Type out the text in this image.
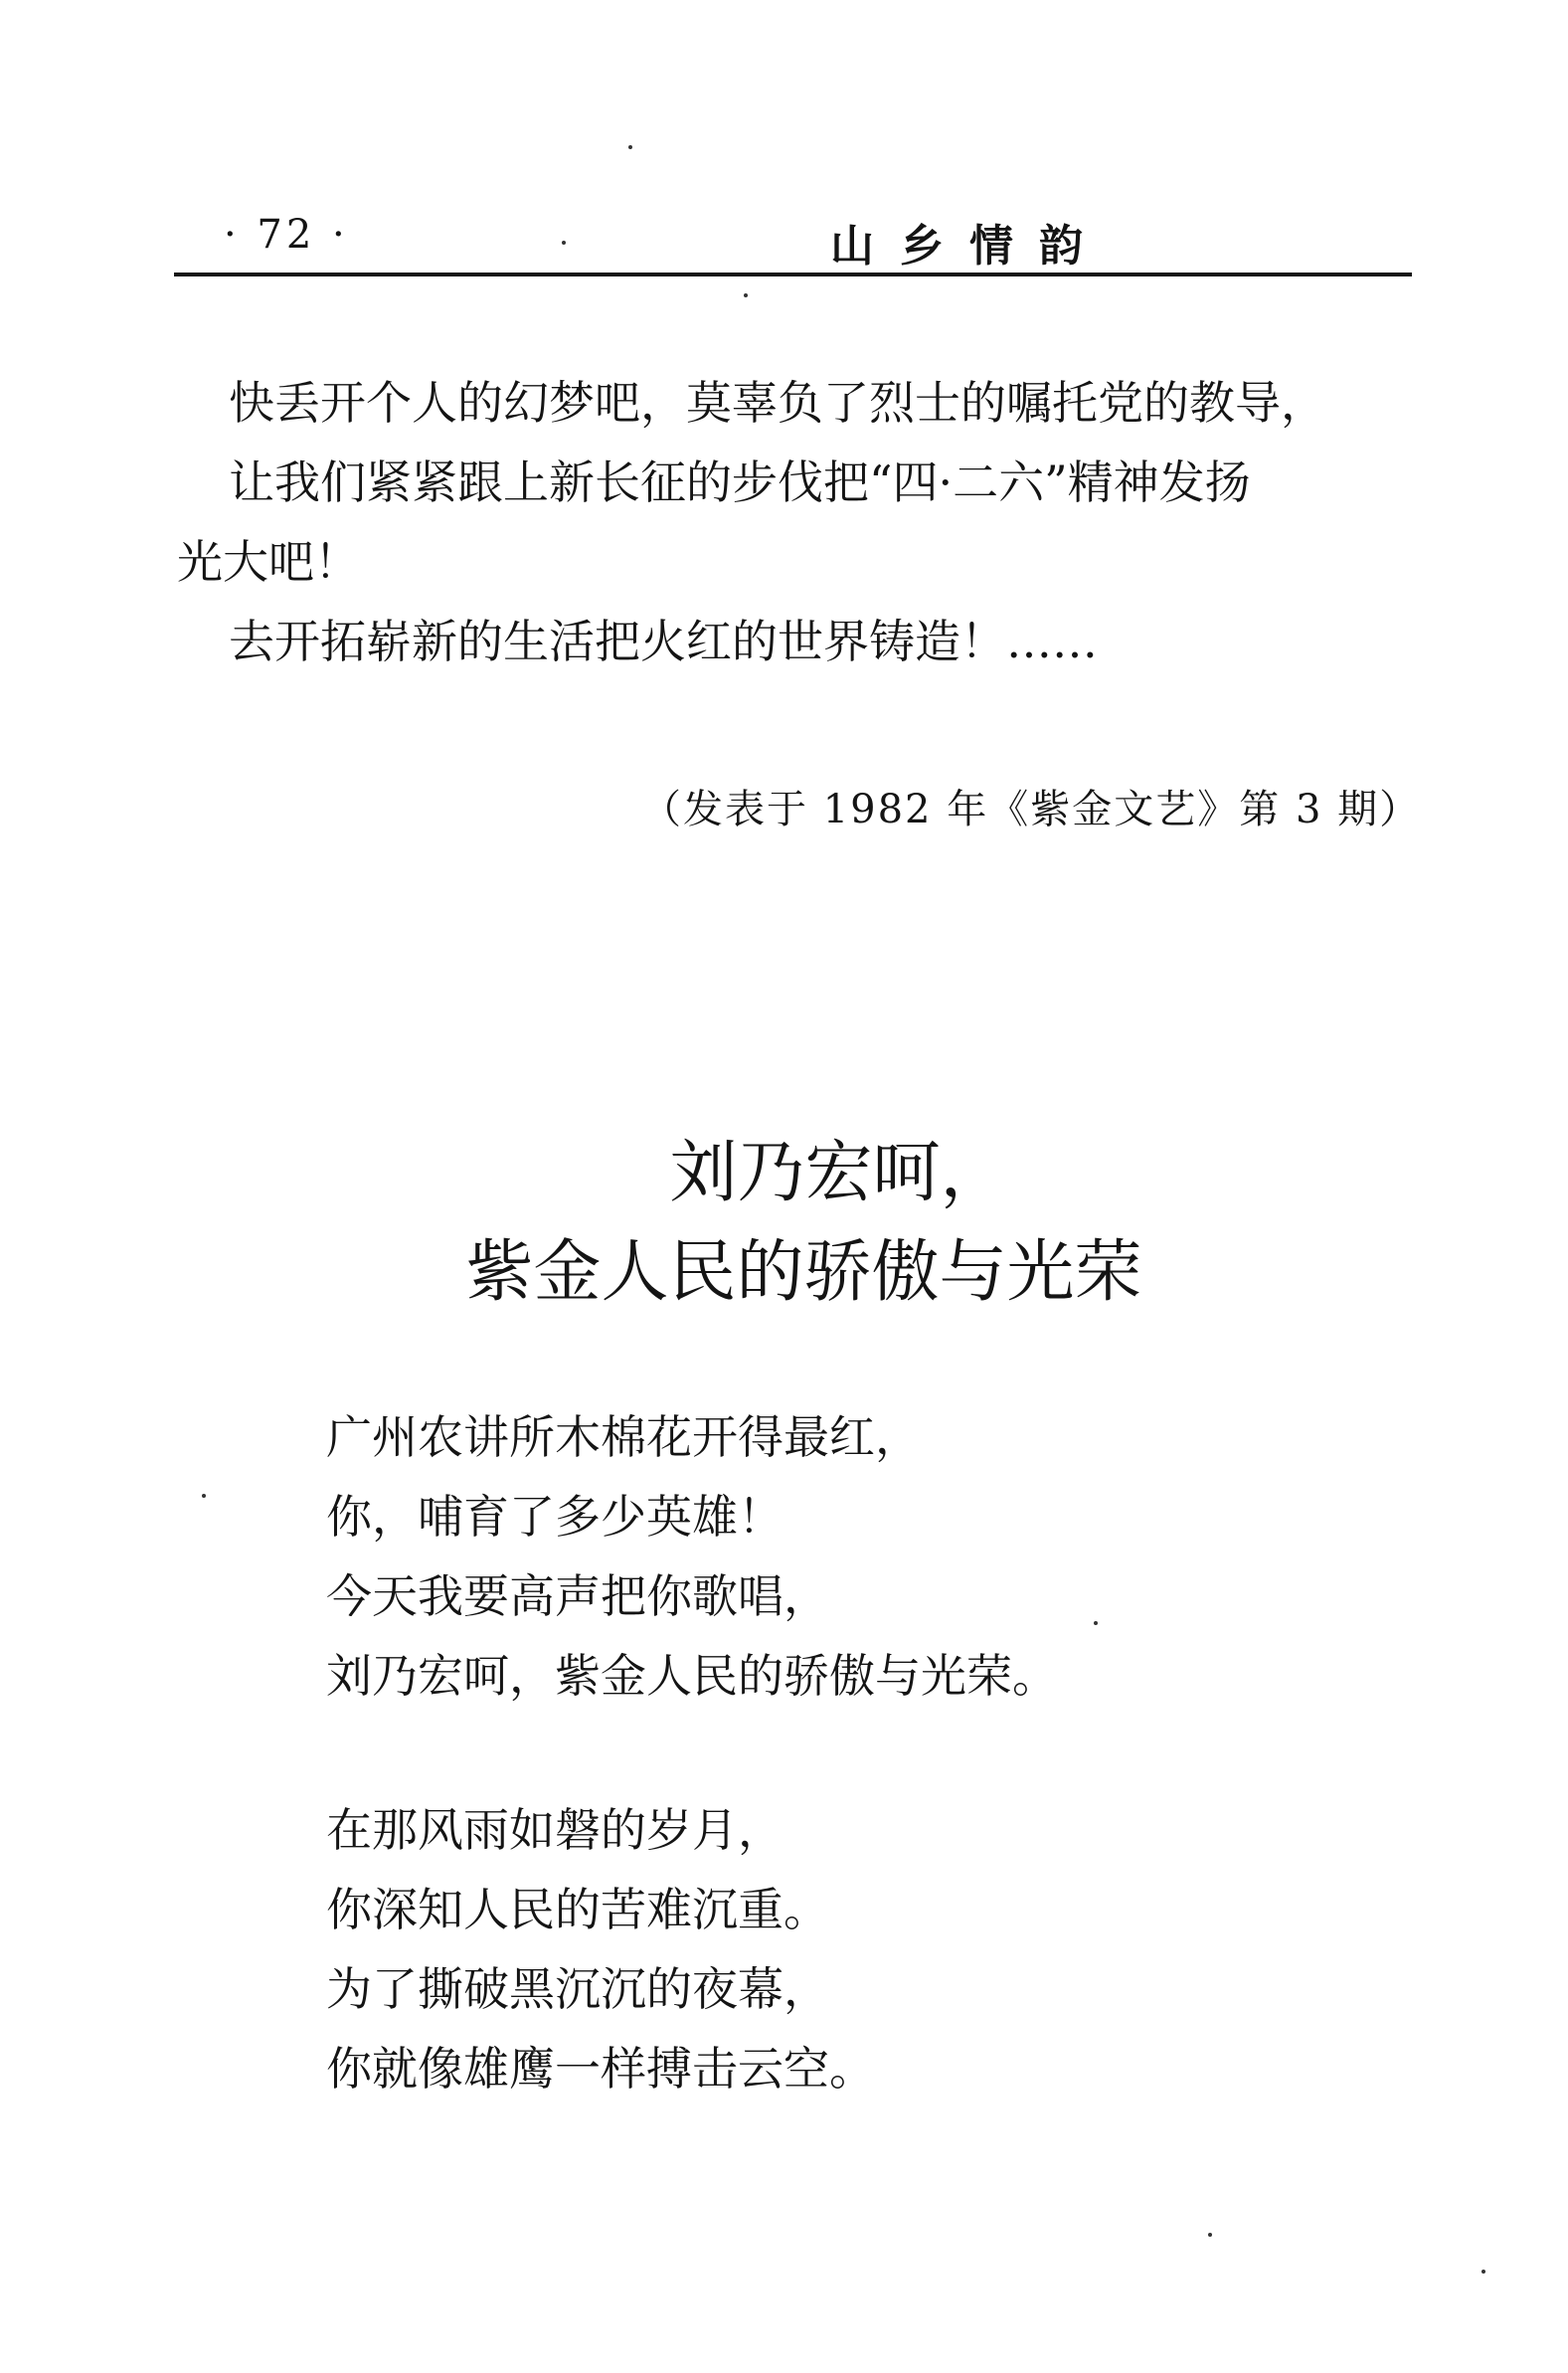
· 72 ·	山乡情韵
快丢开个人的幻梦吧，莫辜负了烈士的嘱托党的教导，
让我们紧紧跟上新长征的步伐把“四·二六”精神发扬
光大吧！
去开拓崭新的生活把火红的世界铸造！……
（发表于 1982 年《紫金文艺》第 3 期）
刘乃宏呵，
紫金人民的骄傲与光荣
广州农讲所木棉花开得最红，
你，哺育了多少英雄！
今天我要高声把你歌唱，
刘乃宏呵，紫金人民的骄傲与光荣。
在那风雨如磐的岁月，
你深知人民的苦难沉重。
为了撕破黑沉沉的夜幕，
你就像雄鹰一样搏击云空。
